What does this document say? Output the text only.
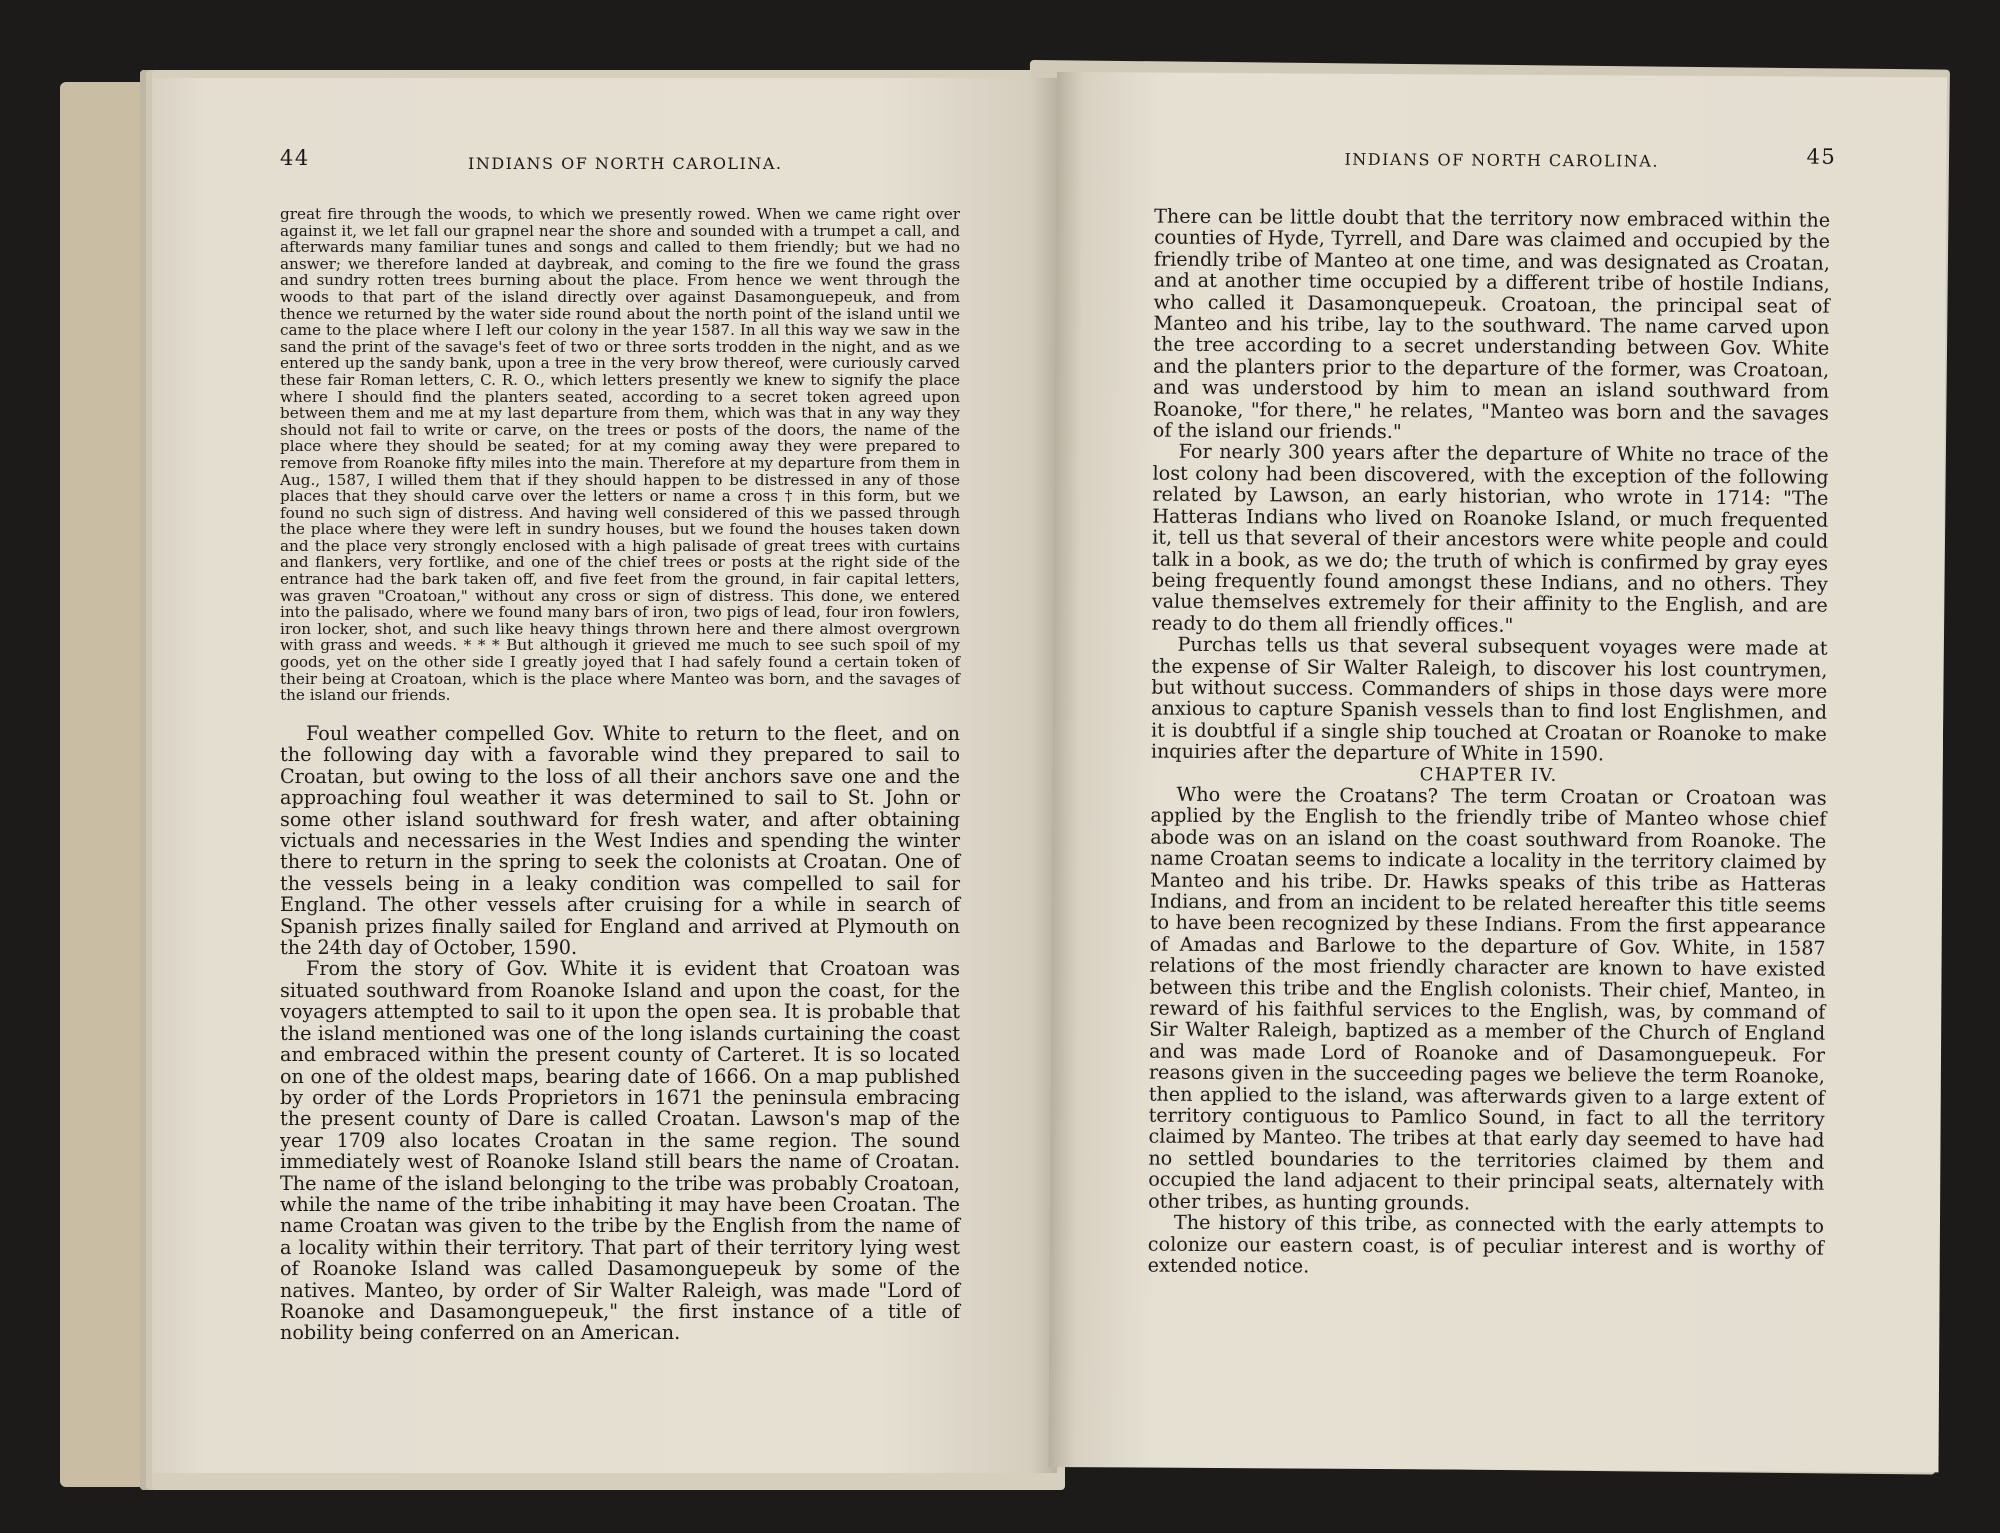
44	INDIANS OF NORTH CAROLINA.

great fire through the woods, to which we presently rowed. When we came right over against it, we let fall our grapnel near the shore and sounded with a trumpet a call, and afterwards many familiar tunes and songs and called to them friendly; but we had no answer; we therefore landed at daybreak, and coming to the fire we found the grass and sundry rotten trees burning about the place. From hence we went through the woods to that part of the island directly over against Dasamonguepeuk, and from thence we returned by the water side round about the north point of the island until we came to the place where I left our colony in the year 1587. In all this way we saw in the sand the print of the savage's feet of two or three sorts trodden in the night, and as we entered up the sandy bank, upon a tree in the very brow thereof, were curiously carved these fair Roman letters, C. R. O., which letters presently we knew to signify the place where I should find the planters seated, according to a secret token agreed upon between them and me at my last departure from them, which was that in any way they should not fail to write or carve, on the trees or posts of the doors, the name of the place where they should be seated; for at my coming away they were prepared to remove from Roanoke fifty miles into the main. Therefore at my departure from them in Aug., 1587, I willed them that if they should happen to be distressed in any of those places that they should carve over the letters or name a cross † in this form, but we found no such sign of distress. And having well considered of this we passed through the place where they were left in sundry houses, but we found the houses taken down and the place very strongly enclosed with a high palisade of great trees with curtains and flankers, very fortlike, and one of the chief trees or posts at the right side of the entrance had the bark taken off, and five feet from the ground, in fair capital letters, was graven "Croatoan," without any cross or sign of distress. This done, we entered into the palisado, where we found many bars of iron, two pigs of lead, four iron fowlers, iron locker, shot, and such like heavy things thrown here and there almost overgrown with grass and weeds. * * * But although it grieved me much to see such spoil of my goods, yet on the other side I greatly joyed that I had safely found a certain token of their being at Croatoan, which is the place where Manteo was born, and the savages of the island our friends.

Foul weather compelled Gov. White to return to the fleet, and on the following day with a favorable wind they prepared to sail to Croatan, but owing to the loss of all their anchors save one and the approaching foul weather it was determined to sail to St. John or some other island southward for fresh water, and after obtaining victuals and necessaries in the West Indies and spending the winter there to return in the spring to seek the colonists at Croatan. One of the vessels being in a leaky condition was compelled to sail for England. The other vessels after cruising for a while in search of Spanish prizes finally sailed for England and arrived at Plymouth on the 24th day of October, 1590.

From the story of Gov. White it is evident that Croatoan was situated southward from Roanoke Island and upon the coast, for the voyagers attempted to sail to it upon the open sea. It is probable that the island mentioned was one of the long islands curtaining the coast and embraced within the present county of Carteret. It is so located on one of the oldest maps, bearing date of 1666. On a map published by order of the Lords Proprietors in 1671 the peninsula embracing the present county of Dare is called Croatan. Lawson's map of the year 1709 also locates Croatan in the same region. The sound immediately west of Roanoke Island still bears the name of Croatan. The name of the island belonging to the tribe was probably Croatoan, while the name of the tribe inhabiting it may have been Croatan. The name Croatan was given to the tribe by the English from the name of a locality within their territory. That part of their territory lying west of Roanoke Island was called Dasamonguepeuk by some of the natives. Manteo, by order of Sir Walter Raleigh, was made "Lord of Roanoke and Dasamonguepeuk," the first instance of a title of nobility being conferred on an American.

INDIANS OF NORTH CAROLINA.	45

There can be little doubt that the territory now embraced within the counties of Hyde, Tyrrell, and Dare was claimed and occupied by the friendly tribe of Manteo at one time, and was designated as Croatan, and at another time occupied by a different tribe of hostile Indians, who called it Dasamonquepeuk. Croatoan, the principal seat of Manteo and his tribe, lay to the southward. The name carved upon the tree according to a secret understanding between Gov. White and the planters prior to the departure of the former, was Croatoan, and was understood by him to mean an island southward from Roanoke, "for there," he relates, "Manteo was born and the savages of the island our friends."

For nearly 300 years after the departure of White no trace of the lost colony had been discovered, with the exception of the following related by Lawson, an early historian, who wrote in 1714: "The Hatteras Indians who lived on Roanoke Island, or much frequented it, tell us that several of their ancestors were white people and could talk in a book, as we do; the truth of which is confirmed by gray eyes being frequently found amongst these Indians, and no others. They value themselves extremely for their affinity to the English, and are ready to do them all friendly offices."

Purchas tells us that several subsequent voyages were made at the expense of Sir Walter Raleigh, to discover his lost countrymen, but without success. Commanders of ships in those days were more anxious to capture Spanish vessels than to find lost Englishmen, and it is doubtful if a single ship touched at Croatan or Roanoke to make inquiries after the departure of White in 1590.

CHAPTER IV.

Who were the Croatans? The term Croatan or Croatoan was applied by the English to the friendly tribe of Manteo whose chief abode was on an island on the coast southward from Roanoke. The name Croatan seems to indicate a locality in the territory claimed by Manteo and his tribe. Dr. Hawks speaks of this tribe as Hatteras Indians, and from an incident to be related hereafter this title seems to have been recognized by these Indians. From the first appearance of Amadas and Barlowe to the departure of Gov. White, in 1587 relations of the most friendly character are known to have existed between this tribe and the English colonists. Their chief, Manteo, in reward of his faithful services to the English, was, by command of Sir Walter Raleigh, baptized as a member of the Church of England and was made Lord of Roanoke and of Dasamonguepeuk. For reasons given in the succeeding pages we believe the term Roanoke, then applied to the island, was afterwards given to a large extent of territory contiguous to Pamlico Sound, in fact to all the territory claimed by Manteo. The tribes at that early day seemed to have had no settled boundaries to the territories claimed by them and occupied the land adjacent to their principal seats, alternately with other tribes, as hunting grounds.

The history of this tribe, as connected with the early attempts to colonize our eastern coast, is of peculiar interest and is worthy of extended notice.
